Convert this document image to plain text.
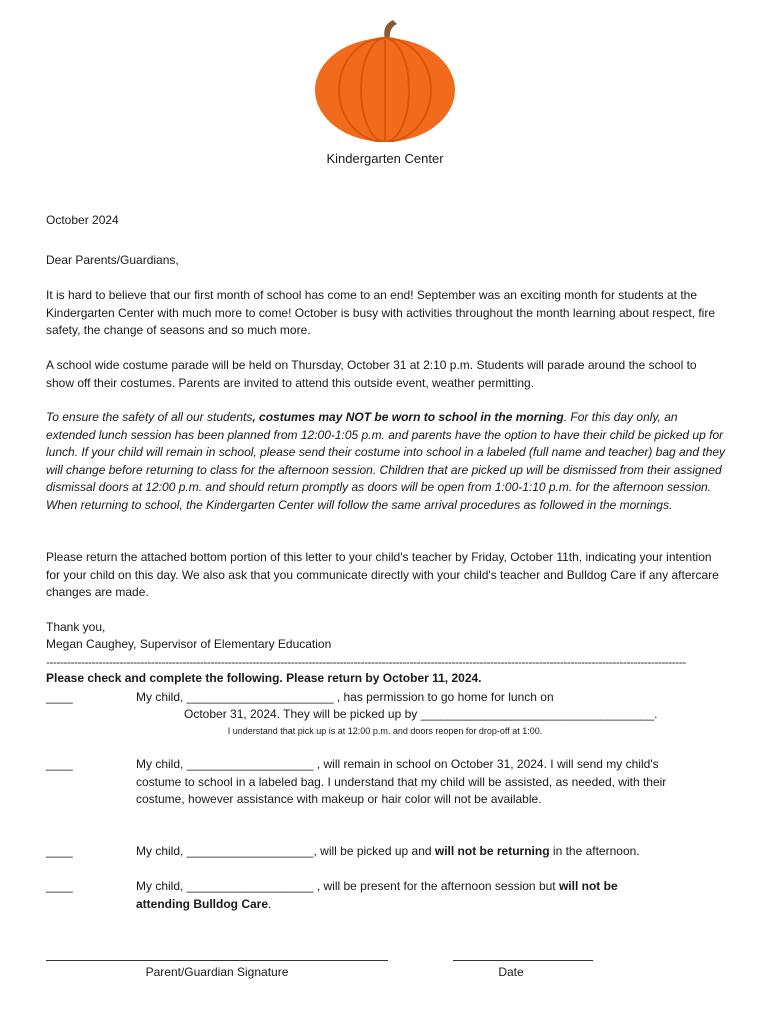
Kindergarten Center

October 2024

Dear Parents/Guardians,

It is hard to believe that our first month of school has come to an end! September was an exciting month for students at the Kindergarten Center with much more to come! October is busy with activities throughout the month learning about respect, fire safety, the change of seasons and so much more.

A school wide costume parade will be held on Thursday, October 31 at 2:10 p.m. Students will parade around the school to show off their costumes. Parents are invited to attend this outside event, weather permitting.

To ensure the safety of all our students, costumes may NOT be worn to school in the morning. For this day only, an extended lunch session has been planned from 12:00-1:05 p.m. and parents have the option to have their child be picked up for lunch. If your child will remain in school, please send their costume into school in a labeled (full name and teacher) bag and they will change before returning to class for the afternoon session. Children that are picked up will be dismissed from their assigned dismissal doors at 12:00 p.m. and should return promptly as doors will be open from 1:00-1:10 p.m. for the afternoon session. When returning to school, the Kindergarten Center will follow the same arrival procedures as followed in the mornings.

Please return the attached bottom portion of this letter to your child's teacher by Friday, October 11th, indicating your intention for your child on this day. We also ask that you communicate directly with your child's teacher and Bulldog Care if any aftercare changes are made.

Thank you,

Megan Caughey, Supervisor of Elementary Education

---------------------------------------------------------------------------------------------------------------------------------------------------------------------------------------
Please check and complete the following. Please return by October 11, 2024.
____	My child, ______________________ , has permission to go home for lunch on

October 31, 2024. They will be picked up by ___________________________________.

I understand that pick up is at 12:00 p.m. and doors reopen for drop-off at 1:00.
____	My child, ___________________ , will remain in school on October 31, 2024. I will send my child's costume to school in a labeled bag. I understand that my child will be assisted, as needed, with their costume, however assistance with makeup or hair color will not be available.

____	My child, ___________________, will be picked up and will not be returning in the afternoon.

____	My child, ___________________ , will be present for the afternoon session but will not be attending Bulldog Care.

Parent/Guardian Signature	Date
